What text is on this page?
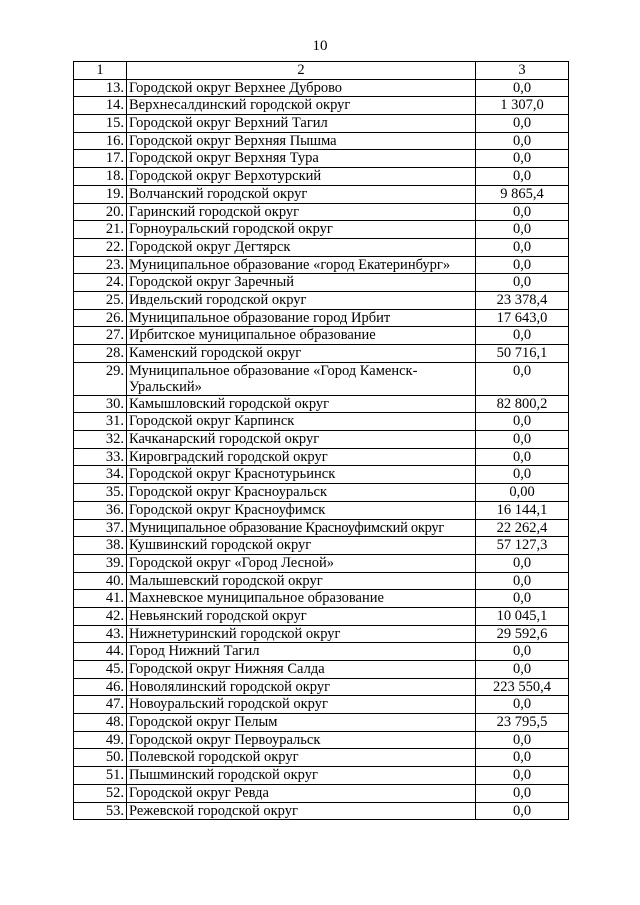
10
1	2	3
13.	Городской округ Верхнее Дуброво	0,0
14.	Верхнесалдинский городской округ	1 307,0
15.	Городской округ Верхний Тагил	0,0
16.	Городской округ Верхняя Пышма	0,0
17.	Городской округ Верхняя Тура	0,0
18.	Городской округ Верхотурский	0,0
19.	Волчанский городской округ	9 865,4
20.	Гаринский городской округ	0,0
21.	Горноуральский городской округ	0,0
22.	Городской округ Дегтярск	0,0
23.	Муниципальное образование «город Екатеринбург»	0,0
24.	Городской округ Заречный	0,0
25.	Ивдельский городской округ	23 378,4
26.	Муниципальное образование город Ирбит	17 643,0
27.	Ирбитское муниципальное образование	0,0
28.	Каменский городской округ	50 716,1
29.	Муниципальное образование «Город Каменск-Уральский»	0,0
30.	Камышловский городской округ	82 800,2
31.	Городской округ Карпинск	0,0
32.	Качканарский городской округ	0,0
33.	Кировградский городской округ	0,0
34.	Городской округ Краснотурьинск	0,0
35.	Городской округ Красноуральск	0,00
36.	Городской округ Красноуфимск	16 144,1
37.	Муниципальное образование Красноуфимский округ	22 262,4
38.	Кушвинский городской округ	57 127,3
39.	Городской округ «Город Лесной»	0,0
40.	Малышевский городской округ	0,0
41.	Махневское муниципальное образование	0,0
42.	Невьянский городской округ	10 045,1
43.	Нижнетуринский городской округ	29 592,6
44.	Город Нижний Тагил	0,0
45.	Городской округ Нижняя Салда	0,0
46.	Новолялинский городской округ	223 550,4
47.	Новоуральский городской округ	0,0
48.	Городской округ Пелым	23 795,5
49.	Городской округ Первоуральск	0,0
50.	Полевской городской округ	0,0
51.	Пышминский городской округ	0,0
52.	Городской округ Ревда	0,0
53.	Режевской городской округ	0,0
